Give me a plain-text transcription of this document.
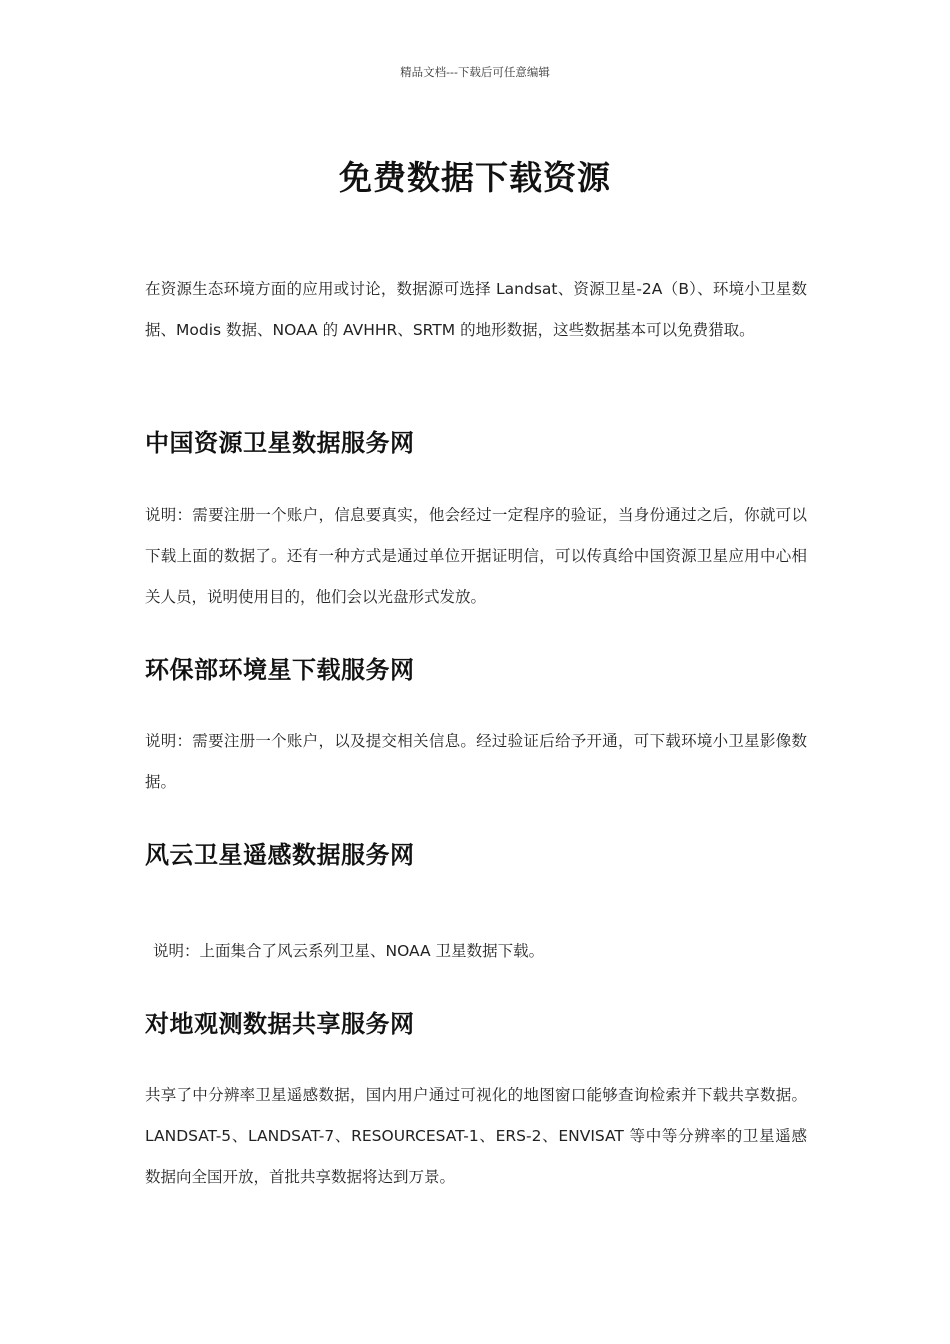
精品文档---下载后可任意编辑
免费数据下载资源

在资源生态环境方面的应用或讨论，数据源可选择 Landsat、资源卫星-2A（B）、环境小卫星数据、Modis 数据、NOAA 的 AVHHR、SRTM 的地形数据，这些数据基本可以免费猎取。

中国资源卫星数据服务网

说明：需要注册一个账户，信息要真实，他会经过一定程序的验证，当身份通过之后，你就可以下载上面的数据了。还有一种方式是通过单位开据证明信，可以传真给中国资源卫星应用中心相关人员，说明使用目的，他们会以光盘形式发放。

环保部环境星下载服务网

说明：需要注册一个账户，以及提交相关信息。经过验证后给予开通，可下载环境小卫星影像数据。

风云卫星遥感数据服务网

说明：上面集合了风云系列卫星、NOAA 卫星数据下载。

对地观测数据共享服务网

共享了中分辨率卫星遥感数据，国内用户通过可视化的地图窗口能够查询检索并下载共享数据。LANDSAT-5、LANDSAT-7、RESOURCESAT-1、ERS-2、ENVISAT 等中等分辨率的卫星遥感数据向全国开放，首批共享数据将达到万景。
